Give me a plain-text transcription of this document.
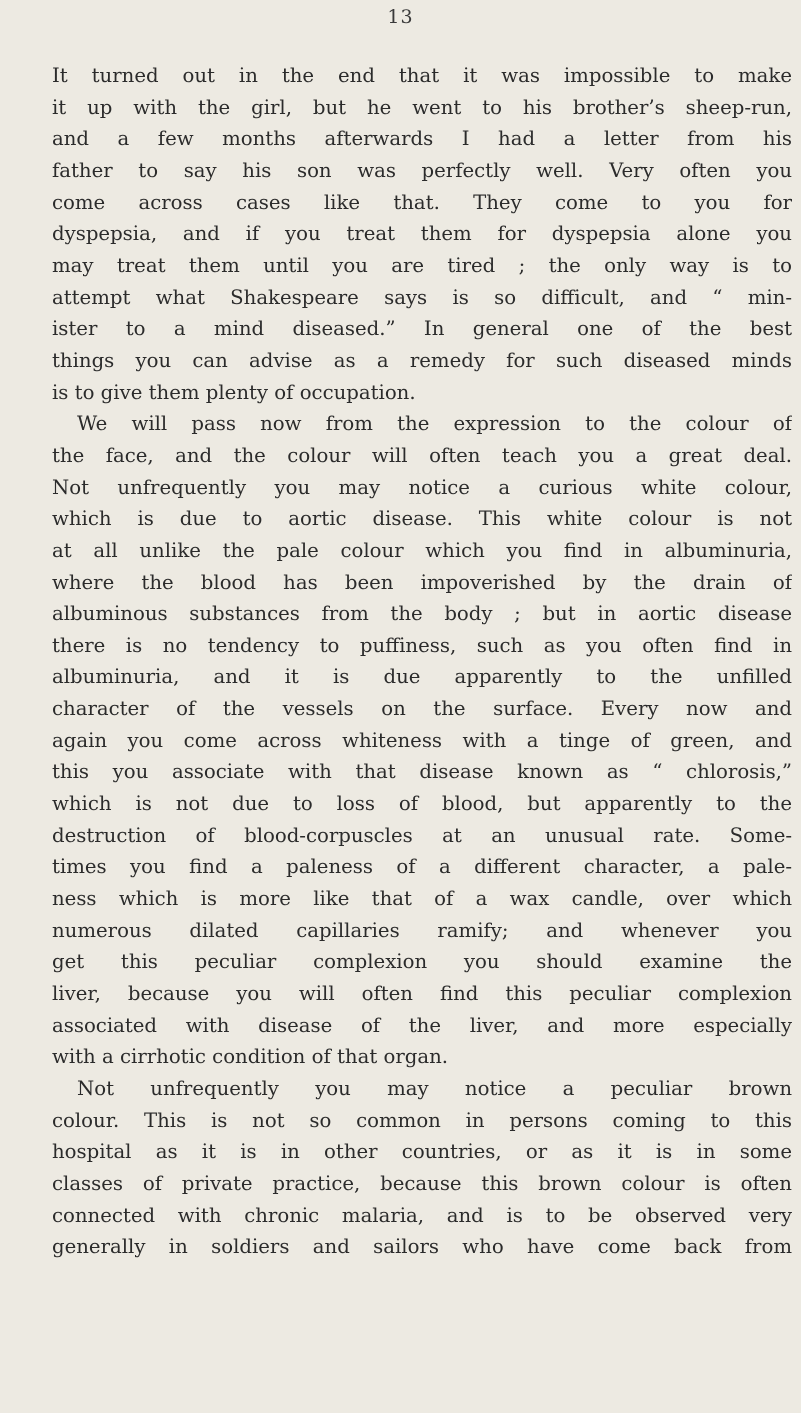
13
It turned out in the end that it was impossible to make
it up with the girl, but he went to his brother’s sheep-run,
and a few months afterwards I had a letter from his
father to say his son was perfectly well. Very often you
come across cases like that. They come to you for
dyspepsia, and if you treat them for dyspepsia alone you
may treat them until you are tired ; the only way is to
attempt what Shakespeare says is so difficult, and “ min-
ister to a mind diseased.” In general one of the best
things you can advise as a remedy for such diseased minds
is to give them plenty of occupation.
We will pass now from the expression to the colour of
the face, and the colour will often teach you a great deal.
Not unfrequently you may notice a curious white colour,
which is due to aortic disease. This white colour is not
at all unlike the pale colour which you find in albuminuria,
where the blood has been impoverished by the drain of
albuminous substances from the body ; but in aortic disease
there is no tendency to puffiness, such as you often find in
albuminuria, and it is due apparently to the unfilled
character of the vessels on the surface. Every now and
again you come across whiteness with a tinge of green, and
this you associate with that disease known as “ chlorosis,”
which is not due to loss of blood, but apparently to the
destruction of blood-corpuscles at an unusual rate. Some-
times you find a paleness of a different character, a pale-
ness which is more like that of a wax candle, over which
numerous dilated capillaries ramify; and whenever you
get this peculiar complexion you should examine the
liver, because you will often find this peculiar complexion
associated with disease of the liver, and more especially
with a cirrhotic condition of that organ.
Not unfrequently you may notice a peculiar brown
colour. This is not so common in persons coming to this
hospital as it is in other countries, or as it is in some
classes of private practice, because this brown colour is often
connected with chronic malaria, and is to be observed very
generally in soldiers and sailors who have come back from
